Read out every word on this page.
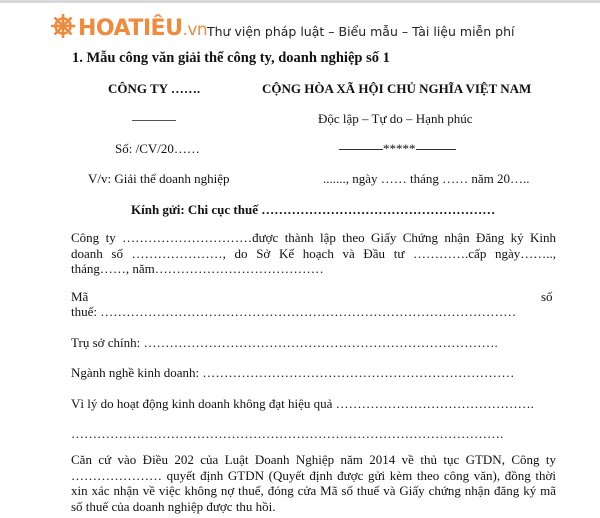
HOATIÊU.vn Thư viện pháp luật – Biểu mẫu – Tài liệu miễn phí
1. Mẫu công văn giải thể công ty, doanh nghiệp số 1
CÔNG TY …….	CỘNG HÒA XÃ HỘI CHỦ NGHĨA VIỆT NAM
Độc lập – Tự do – Hạnh phúc
Số: /CV/20……	*****
V/v: Giải thể doanh nghiệp	......., ngày …… tháng …… năm 20…..
Kính gửi: Chi cục thuế ………………………………………………
Công ty …………………………được thành lập theo Giấy Chứng nhận Đăng ký Kinh doanh số …………………, do Sở Kế hoạch và Đầu tư ………….cấp ngày…….., tháng……, năm…………………………………
Mã	số
thuế: ……………………………………………………………………………………
Trụ sở chính: ……………………………………………………………………….
Ngành nghề kinh doanh: ………………………………………………………………
Vì lý do hoạt động kinh doanh không đạt hiệu quả ……………………………………….
……………………………………………………………………………………….
Căn cứ vào Điều 202 của Luật Doanh Nghiệp năm 2014 về thủ tục GTDN, Công ty ………………… quyết định GTDN (Quyết định được gửi kèm theo công văn), đồng thời xin xác nhận về việc không nợ thuế, đóng cửa Mã số thuế và Giấy chứng nhận đăng ký mã số thuế của doanh nghiệp được thu hồi.
